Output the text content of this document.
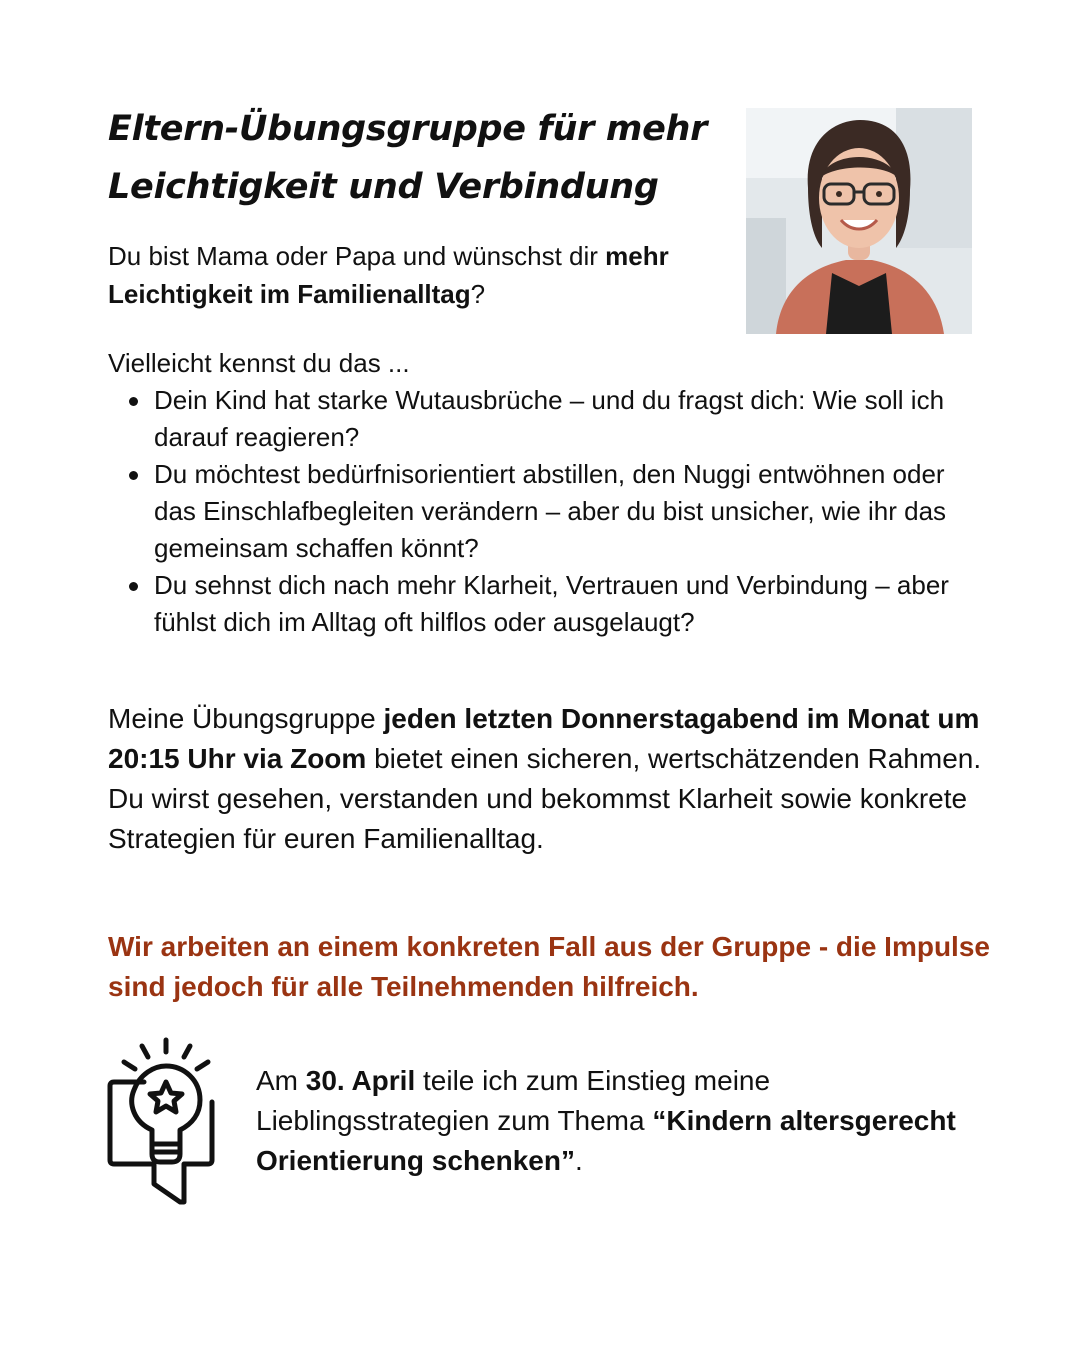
Eltern-Übungsgruppe für mehr
Leichtigkeit und Verbindung

Du bist Mama oder Papa und wünschst dir mehr Leichtigkeit im Familienalltag?

Vielleicht kennst du das ...

Dein Kind hat starke Wutausbrüche – und du fragst dich: Wie soll ich darauf reagieren?
Du möchtest bedürfnisorientiert abstillen, den Nuggi entwöhnen oder das Einschlafbegleiten verändern – aber du bist unsicher, wie ihr das gemeinsam schaffen könnt?
Du sehnst dich nach mehr Klarheit, Vertrauen und Verbindung – aber fühlst dich im Alltag oft hilflos oder ausgelaugt?

Meine Übungsgruppe jeden letzten Donnerstagabend im Monat um 20:15 Uhr via Zoom bietet einen sicheren, wertschätzenden Rahmen. Du wirst gesehen, verstanden und bekommst Klarheit sowie konkrete Strategien für euren Familienalltag.

Wir arbeiten an einem konkreten Fall aus der Gruppe - die Impulse sind jedoch für alle Teilnehmenden hilfreich.

Am 30. April teile ich zum Einstieg meine Lieblingsstrategien zum Thema “Kindern altersgerecht Orientierung schenken”.
